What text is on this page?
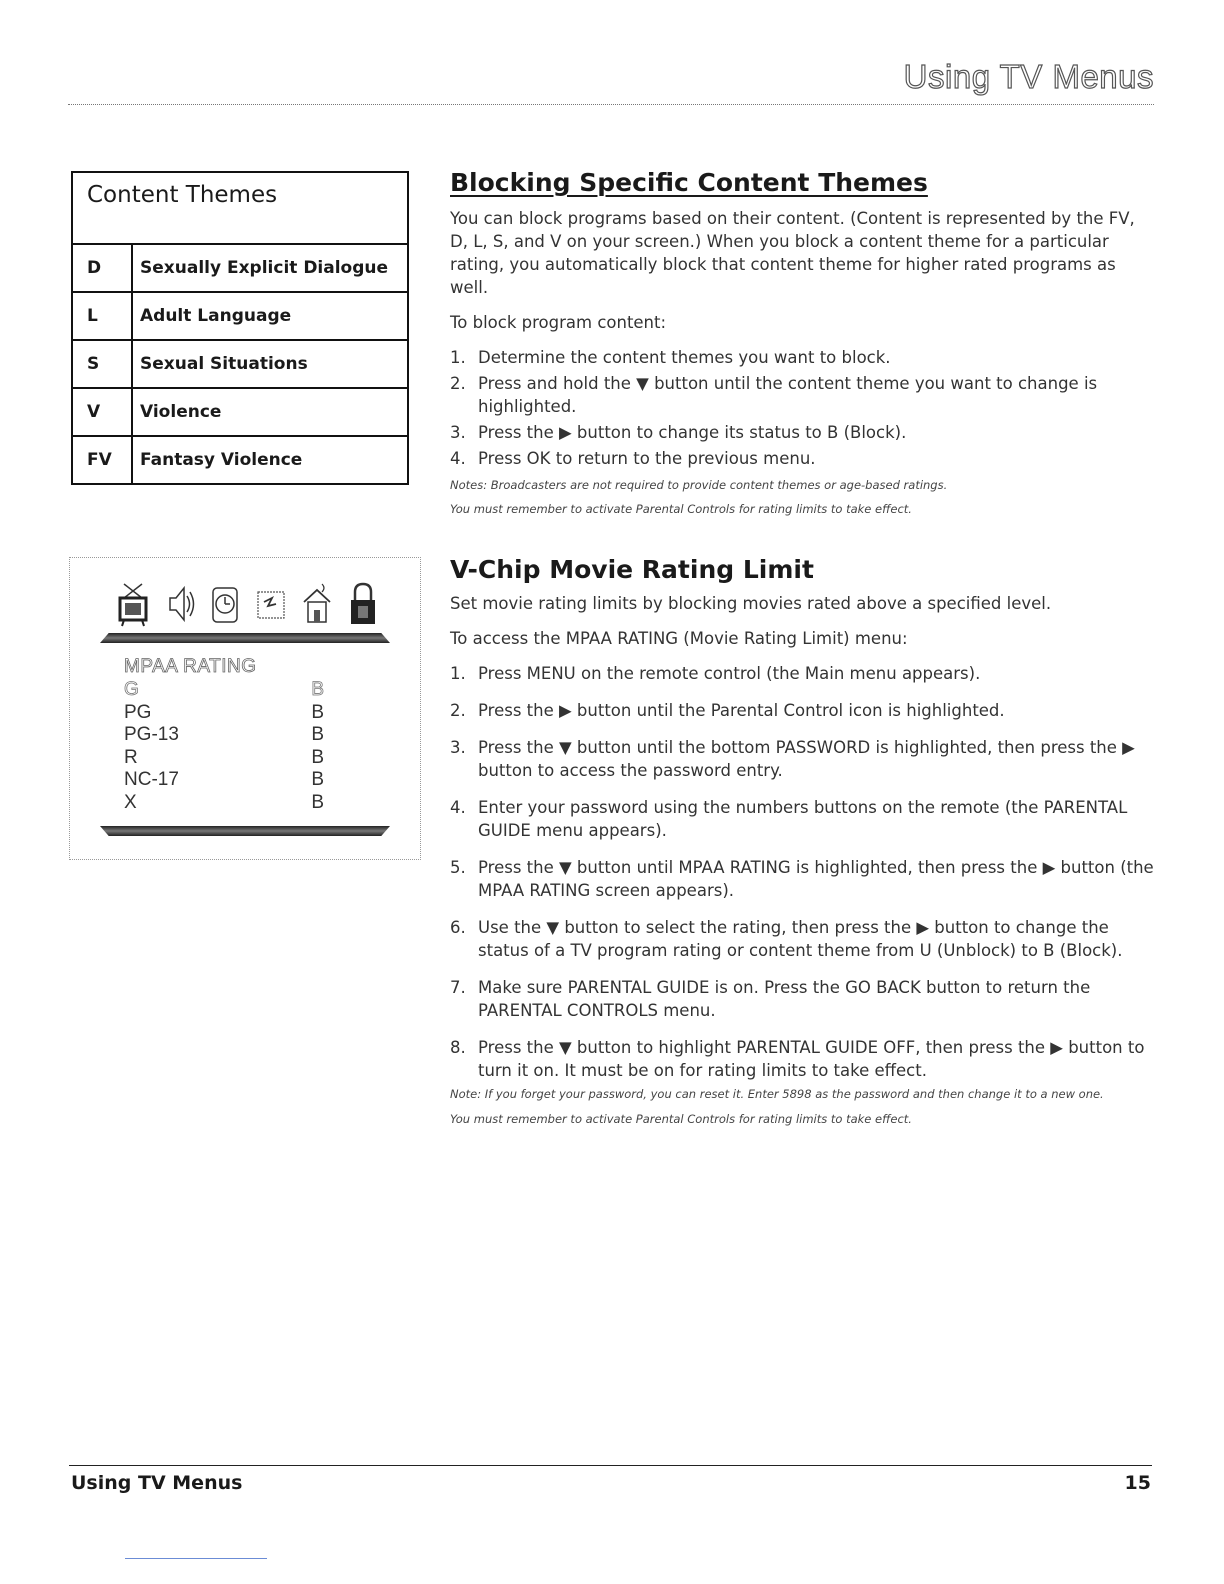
Using TV Menus
Content Themes
D	Sexually Explicit Dialogue
L	Adult Language
S	Sexual Situations
V	Violence
FV	Fantasy Violence
Blocking Specific Content Themes

You can block programs based on their content. (Content is represented by the FV, D, L, S, and V on your screen.) When you block a content theme for a particular rating, you automatically block that content theme for higher rated programs as well.

To block program content:

1. Determine the content themes you want to block.
2. Press and hold the ▼ button until the content theme you want to change is highlighted.
3. Press the ▶ button to change its status to B (Block).
4. Press OK to return to the previous menu.

Notes: Broadcasters are not required to provide content themes or age-based ratings.

You must remember to activate Parental Controls for rating limits to take effect.

MPAA RATING
G	B
PG	B
PG-13	B
R	B
NC-17	B
X	B
V-Chip Movie Rating Limit

Set movie rating limits by blocking movies rated above a specified level.

To access the MPAA RATING (Movie Rating Limit) menu:

1. Press MENU on the remote control (the Main menu appears).
2. Press the ▶ button until the Parental Control icon is highlighted.
3. Press the ▼ button until the bottom PASSWORD is highlighted, then press the ▶ button to access the password entry.
4. Enter your password using the numbers buttons on the remote (the PARENTAL GUIDE menu appears).
5. Press the ▼ button until MPAA RATING is highlighted, then press the ▶ button (the MPAA RATING screen appears).
6. Use the ▼ button to select the rating, then press the ▶ button to change the status of a TV program rating or content theme from U (Unblock) to B (Block).
7. Make sure PARENTAL GUIDE is on. Press the GO BACK button to return the PARENTAL CONTROLS menu.
8. Press the ▼ button to highlight PARENTAL GUIDE OFF, then press the ▶ button to turn it on. It must be on for rating limits to take effect.

Note: If you forget your password, you can reset it. Enter 5898 as the password and then change it to a new one.

You must remember to activate Parental Controls for rating limits to take effect.

Using TV Menus	15
